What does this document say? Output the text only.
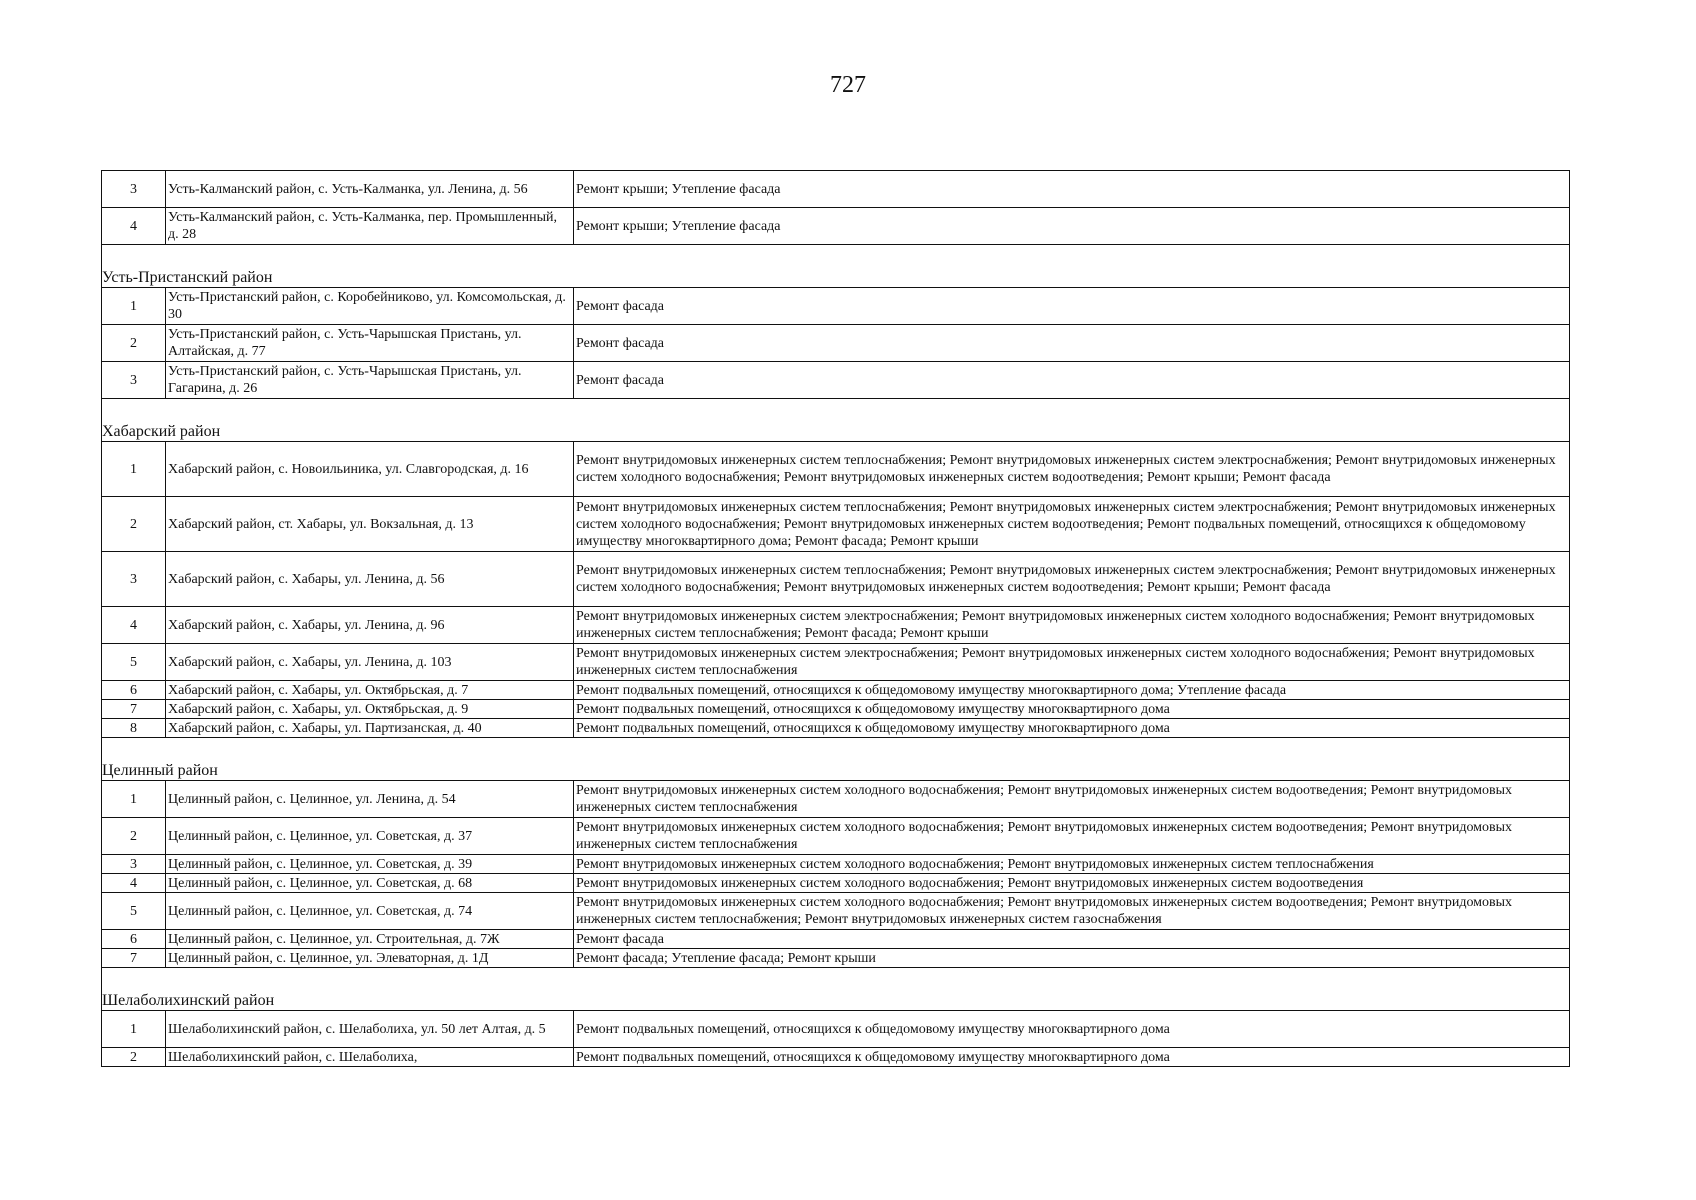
727
3	Усть-Калманский район, с. Усть-Калманка, ул. Ленина, д. 56	Ремонт крыши; Утепление фасада
4	Усть-Калманский район, с. Усть-Калманка, пер. Промышленный, д. 28	Ремонт крыши; Утепление фасада

Усть-Пристанский район		

1	Усть-Пристанский район, с. Коробейниково, ул. Комсомольская, д. 30	Ремонт фасада
2	Усть-Пристанский район, с. Усть-Чарышская Пристань, ул. Алтайская, д. 77	Ремонт фасада
3	Усть-Пристанский район, с. Усть-Чарышская Пристань, ул. Гагарина, д. 26	Ремонт фасада

Хабарский район		

1	Хабарский район, с. Новоильиника, ул. Славгородская, д. 16	Ремонт внутридомовых инженерных систем теплоснабжения; Ремонт внутридомовых инженерных систем электроснабжения; Ремонт внутридомовых инженерных систем холодного водоснабжения; Ремонт внутридомовых инженерных систем водоотведения; Ремонт крыши; Ремонт фасада
2	Хабарский район, ст. Хабары, ул. Вокзальная, д. 13	Ремонт внутридомовых инженерных систем теплоснабжения; Ремонт внутридомовых инженерных систем электроснабжения; Ремонт внутридомовых инженерных систем холодного водоснабжения; Ремонт внутридомовых инженерных систем водоотведения; Ремонт подвальных помещений, относящихся к общедомовому имуществу многоквартирного дома; Ремонт фасада; Ремонт крыши
3	Хабарский район, с. Хабары, ул. Ленина, д. 56	Ремонт внутридомовых инженерных систем теплоснабжения; Ремонт внутридомовых инженерных систем электроснабжения; Ремонт внутридомовых инженерных систем холодного водоснабжения; Ремонт внутридомовых инженерных систем водоотведения; Ремонт крыши; Ремонт фасада
4	Хабарский район, с. Хабары, ул. Ленина, д. 96	Ремонт внутридомовых инженерных систем электроснабжения; Ремонт внутридомовых инженерных систем холодного водоснабжения; Ремонт внутридомовых инженерных систем теплоснабжения; Ремонт фасада; Ремонт крыши
5	Хабарский район, с. Хабары, ул. Ленина, д. 103	Ремонт внутридомовых инженерных систем электроснабжения; Ремонт внутридомовых инженерных систем холодного водоснабжения; Ремонт внутридомовых инженерных систем теплоснабжения
6	Хабарский район, с. Хабары, ул. Октябрьская, д. 7	Ремонт подвальных помещений, относящихся к общедомовому имуществу многоквартирного дома; Утепление фасада
7	Хабарский район, с. Хабары, ул. Октябрьская, д. 9	Ремонт подвальных помещений, относящихся к общедомовому имуществу многоквартирного дома
8	Хабарский район, с. Хабары, ул. Партизанская, д. 40	Ремонт подвальных помещений, относящихся к общедомовому имуществу многоквартирного дома

Целинный район		

1	Целинный район, с. Целинное, ул. Ленина, д. 54	Ремонт внутридомовых инженерных систем холодного водоснабжения; Ремонт внутридомовых инженерных систем водоотведения; Ремонт внутридомовых инженерных систем теплоснабжения
2	Целинный район, с. Целинное, ул. Советская, д. 37	Ремонт внутридомовых инженерных систем холодного водоснабжения; Ремонт внутридомовых инженерных систем водоотведения; Ремонт внутридомовых инженерных систем теплоснабжения
3	Целинный район, с. Целинное, ул. Советская, д. 39	Ремонт внутридомовых инженерных систем холодного водоснабжения; Ремонт внутридомовых инженерных систем теплоснабжения
4	Целинный район, с. Целинное, ул. Советская, д. 68	Ремонт внутридомовых инженерных систем холодного водоснабжения; Ремонт внутридомовых инженерных систем водоотведения
5	Целинный район, с. Целинное, ул. Советская, д. 74	Ремонт внутридомовых инженерных систем холодного водоснабжения; Ремонт внутридомовых инженерных систем водоотведения; Ремонт внутридомовых инженерных систем теплоснабжения; Ремонт внутридомовых инженерных систем газоснабжения
6	Целинный район, с. Целинное, ул. Строительная, д. 7Ж	Ремонт фасада
7	Целинный район, с. Целинное, ул. Элеваторная, д. 1Д	Ремонт фасада; Утепление фасада; Ремонт крыши

Шелаболихинский район		

1	Шелаболихинский район, с. Шелаболиха, ул. 50 лет Алтая, д. 5	Ремонт подвальных помещений, относящихся к общедомовому имуществу многоквартирного дома
2	Шелаболихинский район, с. Шелаболиха,	Ремонт подвальных помещений, относящихся к общедомовому имуществу многоквартирного дома
